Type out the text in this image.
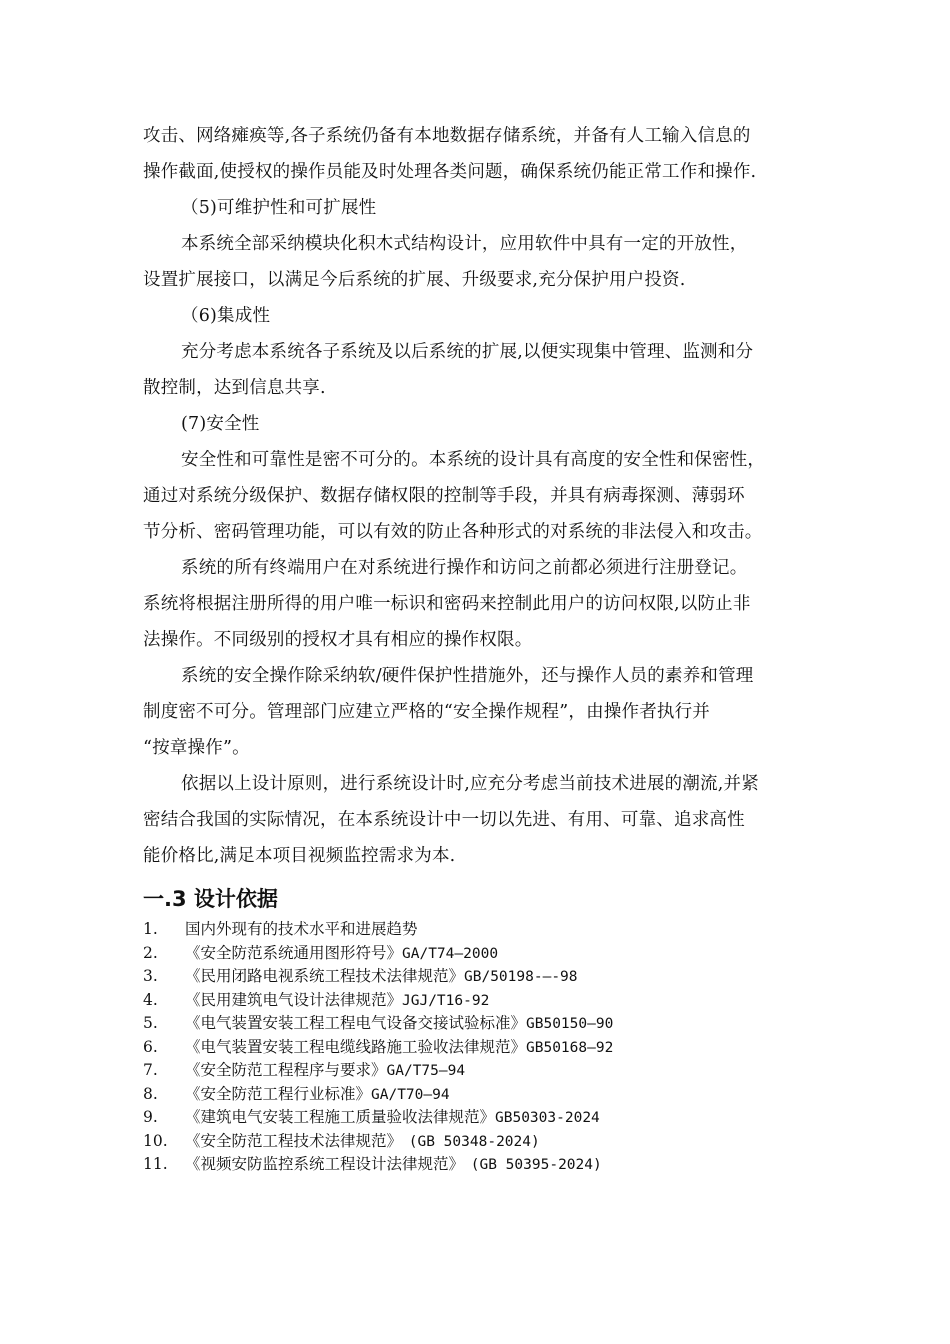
攻击、网络瘫痪等,各子系统仍备有本地数据存储系统，并备有人工输入信息的
操作截面,使授权的操作员能及时处理各类问题，确保系统仍能正常工作和操作.
（5)可维护性和可扩展性
本系统全部采纳模块化积木式结构设计，应用软件中具有一定的开放性，
设置扩展接口，以满足今后系统的扩展、升级要求,充分保护用户投资.
（6)集成性
充分考虑本系统各子系统及以后系统的扩展,以便实现集中管理、监测和分
散控制，达到信息共享.
(7)安全性
安全性和可靠性是密不可分的。本系统的设计具有高度的安全性和保密性，
通过对系统分级保护、数据存储权限的控制等手段，并具有病毒探测、薄弱环
节分析、密码管理功能，可以有效的防止各种形式的对系统的非法侵入和攻击。
系统的所有终端用户在对系统进行操作和访问之前都必须进行注册登记。
系统将根据注册所得的用户唯一标识和密码来控制此用户的访问权限,以防止非
法操作。不同级别的授权才具有相应的操作权限。
系统的安全操作除采纳软/硬件保护性措施外，还与操作人员的素养和管理
制度密不可分。管理部门应建立严格的“安全操作规程”，由操作者执行并
“按章操作”。
依据以上设计原则，进行系统设计时,应充分考虑当前技术进展的潮流,并紧
密结合我国的实际情况，在本系统设计中一切以先进、有用、可靠、追求高性
能价格比,满足本项目视频监控需求为本.
一.3 设计依据
1. 国内外现有的技术水平和进展趋势
2. 《安全防范系统通用图形符号》GA/T74—2000
3. 《民用闭路电视系统工程技术法律规范》GB/50198-—-98
4. 《民用建筑电气设计法律规范》JGJ/T16-92
5. 《电气装置安装工程工程电气设备交接试验标准》GB50150—90
6. 《电气装置安装工程电缆线路施工验收法律规范》GB50168—92
7. 《安全防范工程程序与要求》GA/T75—94
8. 《安全防范工程行业标准》GA/T70—94
9. 《建筑电气安装工程施工质量验收法律规范》GB50303-2024
10. 《安全防范工程技术法律规范》　(GB 50348-2024)
11. 《视频安防监控系统工程设计法律规范》　(GB 50395-2024)
